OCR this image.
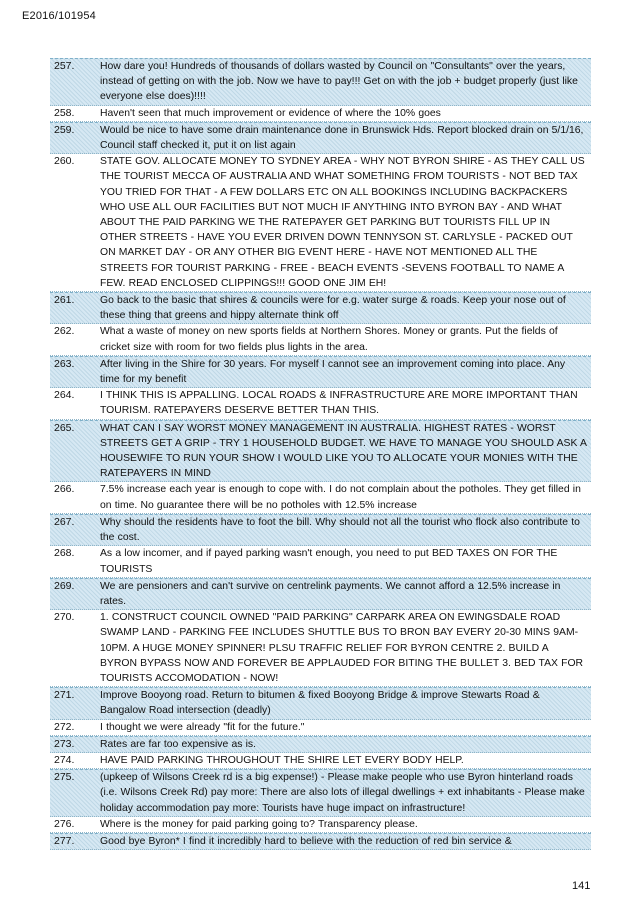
E2016/101954
257.	How dare you! Hundreds of thousands of dollars wasted by Council on "Consultants" over the years, instead of getting on with the job. Now we have to pay!!! Get on with the job + budget properly (just like everyone else does)!!!!
258.	Haven't seen that much improvement or evidence of where the 10% goes
259.	Would be nice to have some drain maintenance done in Brunswick Hds. Report blocked drain on 5/1/16, Council staff checked it, put it on list again
260.	STATE GOV. ALLOCATE MONEY TO SYDNEY AREA - WHY NOT BYRON SHIRE - AS THEY CALL US THE TOURIST MECCA OF AUSTRALIA AND WHAT SOMETHING FROM TOURISTS - NOT BED TAX YOU TRIED FOR THAT - A FEW DOLLARS ETC ON ALL BOOKINGS INCLUDING BACKPACKERS WHO USE ALL OUR FACILITIES BUT NOT MUCH IF ANYTHING INTO BYRON BAY - AND WHAT ABOUT THE PAID PARKING WE THE RATEPAYER GET PARKING BUT TOURISTS FILL UP IN OTHER STREETS - HAVE YOU EVER DRIVEN DOWN TENNYSON ST. CARLYSLE - PACKED OUT ON MARKET DAY - OR ANY OTHER BIG EVENT HERE - HAVE NOT MENTIONED ALL THE STREETS FOR TOURIST PARKING - FREE - BEACH EVENTS -SEVENS FOOTBALL TO NAME A FEW. READ ENCLOSED CLIPPINGS!!! GOOD ONE JIM EH!
261.	Go back to the basic that shires & councils were for e.g. water surge & roads. Keep your nose out of these thing that greens and hippy alternate think off
262.	What a waste of money on new sports fields at Northern Shores. Money or grants. Put the fields of cricket size with room for two fields plus lights in the area.
263.	After living in the Shire for 30 years. For myself I cannot see an improvement coming into place. Any time for my benefit
264.	I THINK THIS IS APPALLING. LOCAL ROADS & INFRASTRUCTURE ARE MORE IMPORTANT THAN TOURISM. RATEPAYERS DESERVE BETTER THAN THIS.
265.	WHAT CAN I SAY WORST MONEY MANAGEMENT IN AUSTRALIA. HIGHEST RATES - WORST STREETS GET A GRIP - TRY 1 HOUSEHOLD BUDGET. WE HAVE TO MANAGE YOU SHOULD ASK A HOUSEWIFE TO RUN YOUR SHOW I WOULD LIKE YOU TO ALLOCATE YOUR MONIES WITH THE RATEPAYERS IN MIND
266.	7.5% increase each year is enough to cope with. I do not complain about the potholes. They get filled in on time. No guarantee there will be no potholes with 12.5% increase
267.	Why should the residents have to foot the bill. Why should not all the tourist who flock also contribute to the cost.
268.	As a low incomer, and if payed parking wasn't enough, you need to put BED TAXES ON FOR THE TOURISTS
269.	We are pensioners and can't survive on centrelink payments. We cannot afford a 12.5% increase in rates.
270.	1. CONSTRUCT COUNCIL OWNED "PAID PARKING" CARPARK AREA ON EWINGSDALE ROAD SWAMP LAND - PARKING FEE INCLUDES SHUTTLE BUS TO BRON BAY EVERY 20-30 MINS 9AM-10PM. A HUGE MONEY SPINNER! PLSU TRAFFIC RELIEF FOR BYRON CENTRE 2. BUILD A BYRON BYPASS NOW AND FOREVER BE APPLAUDED FOR BITING THE BULLET 3. BED TAX FOR TOURISTS ACCOMODATION - NOW!
271.	Improve Booyong road. Return to bitumen & fixed Booyong Bridge & improve Stewarts Road & Bangalow Road intersection (deadly)
272.	I thought we were already "fit for the future."
273.	Rates are far too expensive as is.
274.	HAVE PAID PARKING THROUGHOUT THE SHIRE LET EVERY BODY HELP.
275.	(upkeep of Wilsons Creek rd is a big expense!) - Please make people who use Byron hinterland roads (i.e. Wilsons Creek Rd) pay more: There are also lots of illegal dwellings + ext inhabitants - Please make holiday accommodation pay more: Tourists have huge impact on infrastructure!
276.	Where is the money for paid parking going to? Transparency please.
277.	Good bye Byron* I find it incredibly hard to believe with the reduction of red bin service &
141
